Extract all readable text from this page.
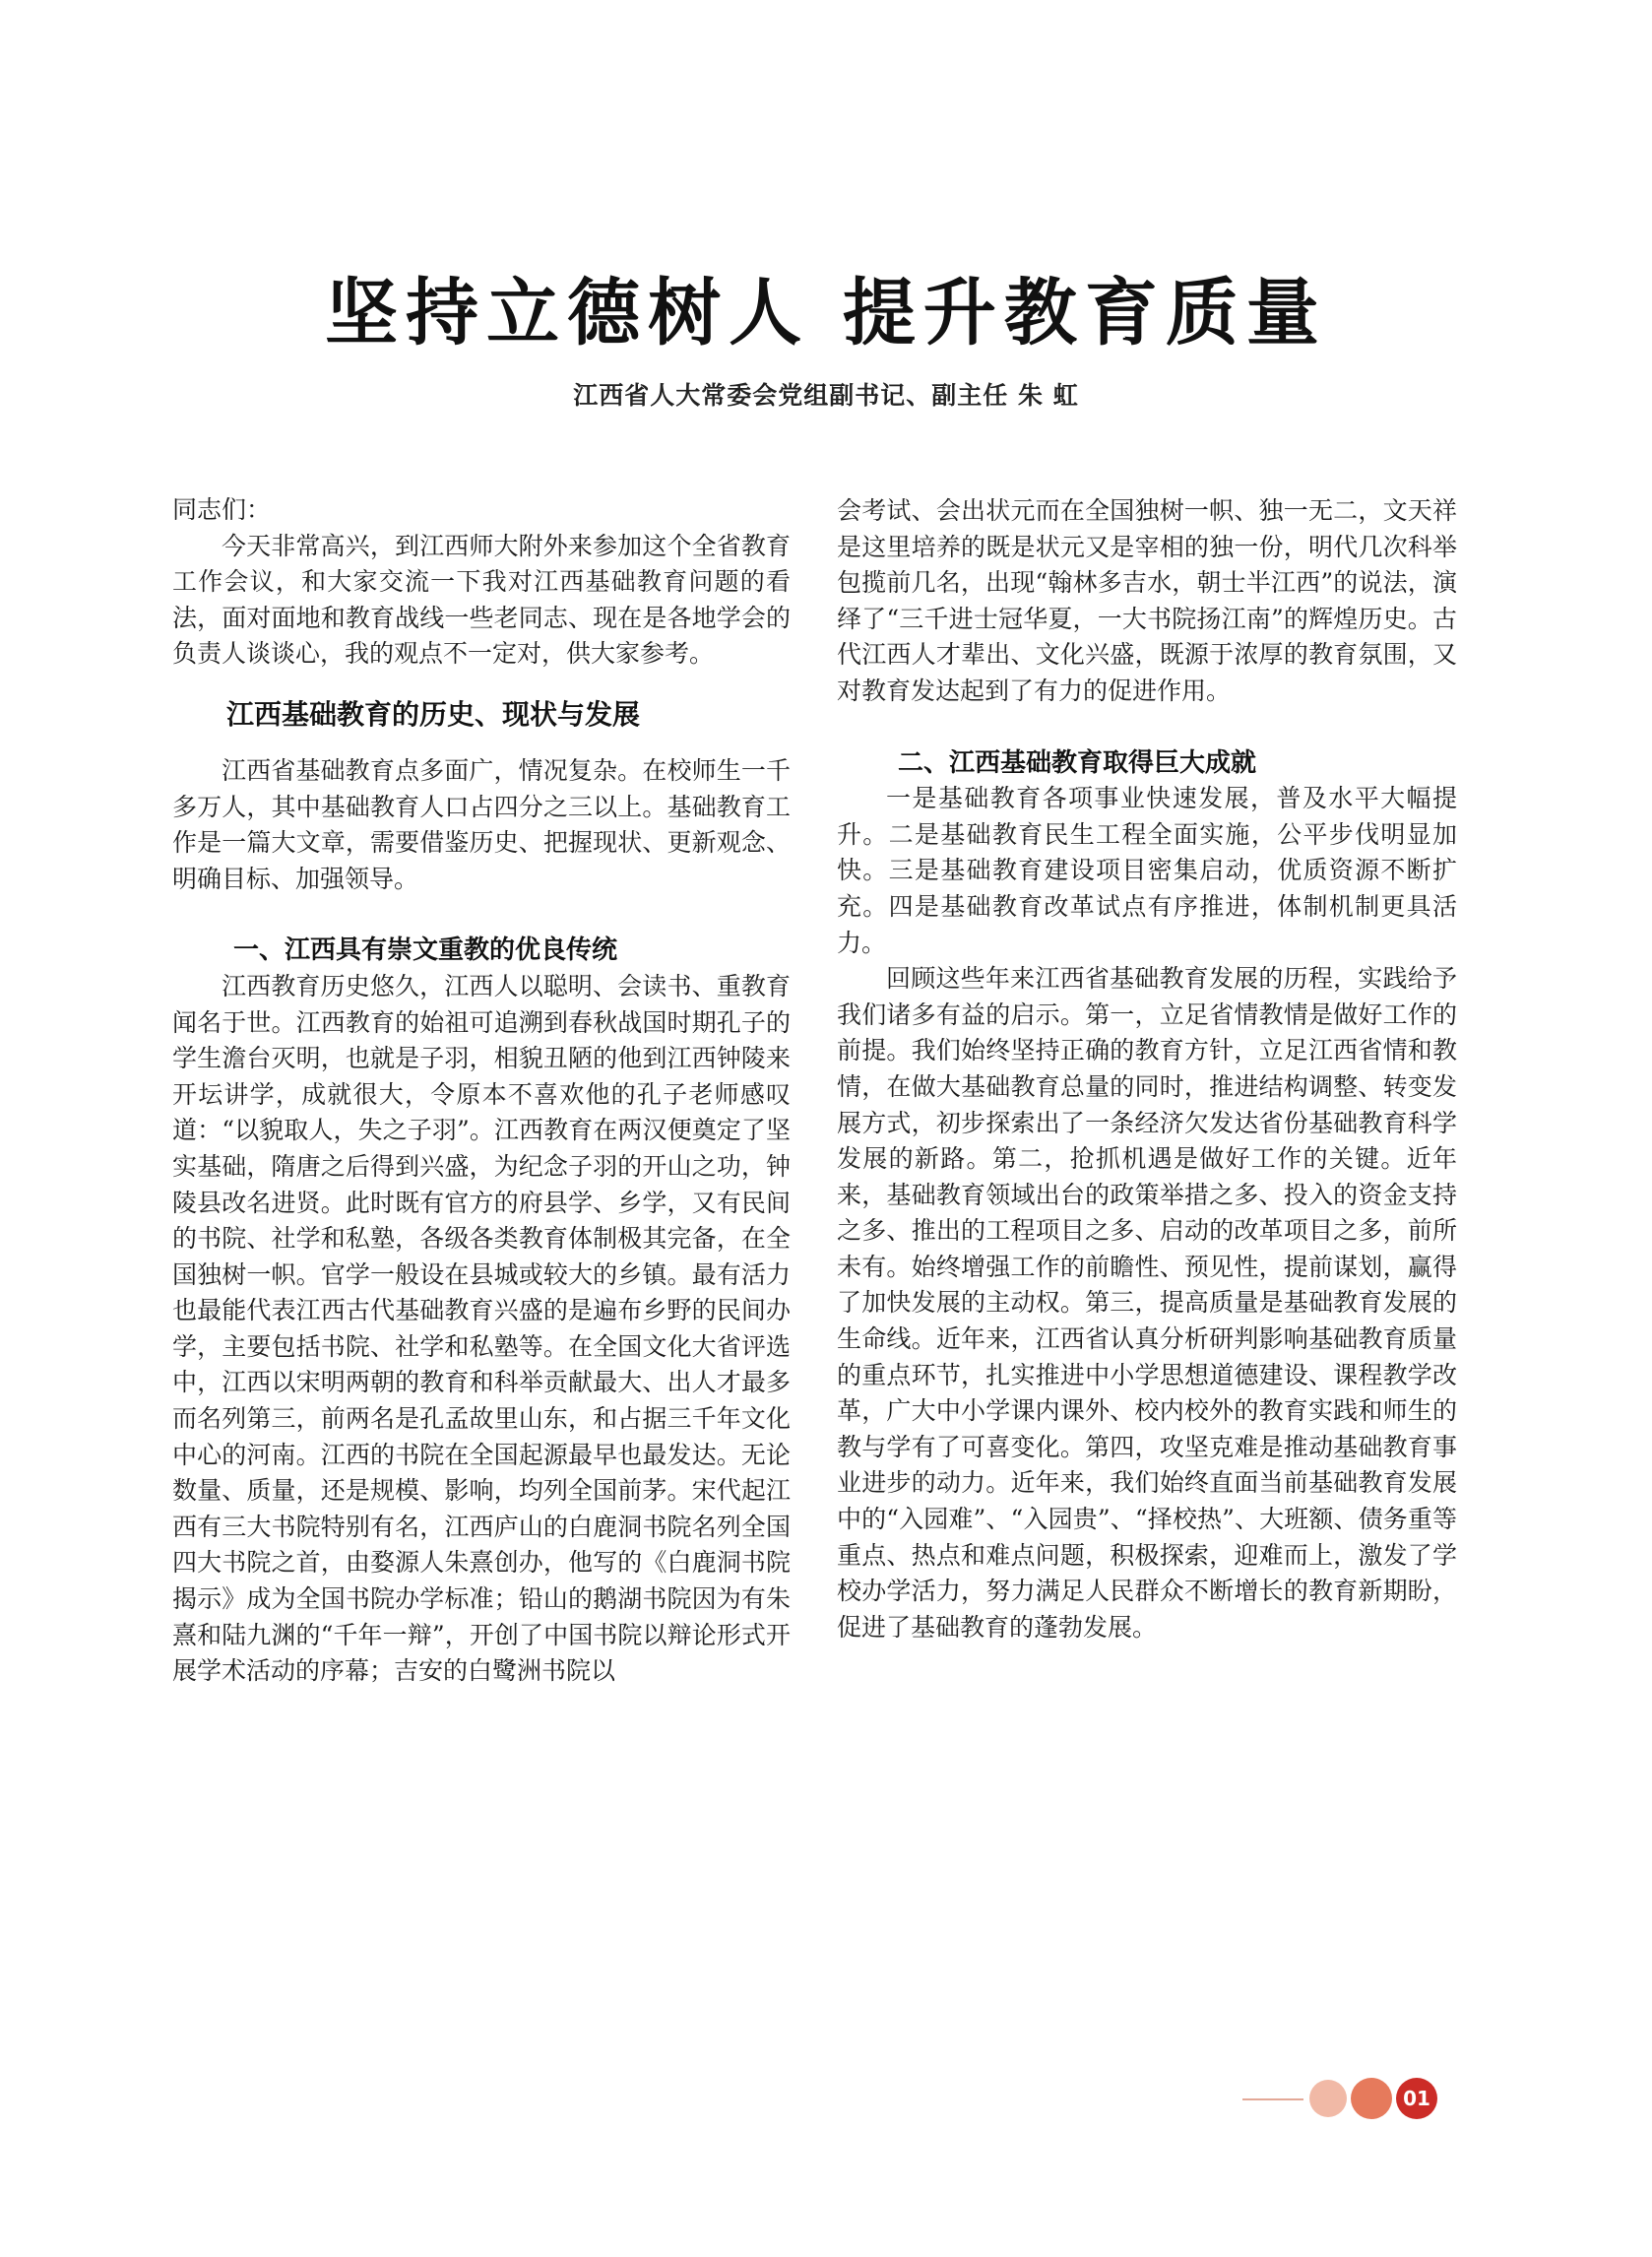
坚持立德树人 提升教育质量
江西省人大常委会党组副书记、副主任 朱 虹

同志们：

今天非常高兴，到江西师大附外来参加这个全省教育工作会议，和大家交流一下我对江西基础教育问题的看法，面对面地和教育战线一些老同志、现在是各地学会的负责人谈谈心，我的观点不一定对，供大家参考。

江西基础教育的历史、现状与发展

江西省基础教育点多面广，情况复杂。在校师生一千多万人，其中基础教育人口占四分之三以上。基础教育工作是一篇大文章，需要借鉴历史、把握现状、更新观念、明确目标、加强领导。

一、江西具有崇文重教的优良传统

江西教育历史悠久，江西人以聪明、会读书、重教育闻名于世。江西教育的始祖可追溯到春秋战国时期孔子的学生澹台灭明，也就是子羽，相貌丑陋的他到江西钟陵来开坛讲学，成就很大，令原本不喜欢他的孔子老师感叹道：“以貌取人，失之子羽”。江西教育在两汉便奠定了坚实基础，隋唐之后得到兴盛，为纪念子羽的开山之功，钟陵县改名进贤。此时既有官方的府县学、乡学，又有民间的书院、社学和私塾，各级各类教育体制极其完备，在全国独树一帜。官学一般设在县城或较大的乡镇。最有活力也最能代表江西古代基础教育兴盛的是遍布乡野的民间办学，主要包括书院、社学和私塾等。在全国文化大省评选中，江西以宋明两朝的教育和科举贡献最大、出人才最多而名列第三，前两名是孔孟故里山东，和占据三千年文化中心的河南。江西的书院在全国起源最早也最发达。无论数量、质量，还是规模、影响，均列全国前茅。宋代起江西有三大书院特别有名，江西庐山的白鹿洞书院名列全国四大书院之首，由婺源人朱熹创办，他写的《白鹿洞书院揭示》成为全国书院办学标准；铅山的鹅湖书院因为有朱熹和陆九渊的“千年一辩”，开创了中国书院以辩论形式开展学术活动的序幕；吉安的白鹭洲书院以

会考试、会出状元而在全国独树一帜、独一无二，文天祥是这里培养的既是状元又是宰相的独一份，明代几次科举包揽前几名，出现“翰林多吉水，朝士半江西”的说法，演绎了“三千进士冠华夏，一大书院扬江南”的辉煌历史。古代江西人才辈出、文化兴盛，既源于浓厚的教育氛围，又对教育发达起到了有力的促进作用。

二、江西基础教育取得巨大成就

一是基础教育各项事业快速发展，普及水平大幅提升。二是基础教育民生工程全面实施，公平步伐明显加快。三是基础教育建设项目密集启动，优质资源不断扩充。四是基础教育改革试点有序推进，体制机制更具活力。

回顾这些年来江西省基础教育发展的历程，实践给予我们诸多有益的启示。第一，立足省情教情是做好工作的前提。我们始终坚持正确的教育方针，立足江西省情和教情，在做大基础教育总量的同时，推进结构调整、转变发展方式，初步探索出了一条经济欠发达省份基础教育科学发展的新路。第二，抢抓机遇是做好工作的关键。近年来，基础教育领域出台的政策举措之多、投入的资金支持之多、推出的工程项目之多、启动的改革项目之多，前所未有。始终增强工作的前瞻性、预见性，提前谋划，赢得了加快发展的主动权。第三，提高质量是基础教育发展的生命线。近年来，江西省认真分析研判影响基础教育质量的重点环节，扎实推进中小学思想道德建设、课程教学改革，广大中小学课内课外、校内校外的教育实践和师生的教与学有了可喜变化。第四，攻坚克难是推动基础教育事业进步的动力。近年来，我们始终直面当前基础教育发展中的“入园难”、“入园贵”、“择校热”、大班额、债务重等重点、热点和难点问题，积极探索，迎难而上，激发了学校办学活力，努力满足人民群众不断增长的教育新期盼，促进了基础教育的蓬勃发展。

01
